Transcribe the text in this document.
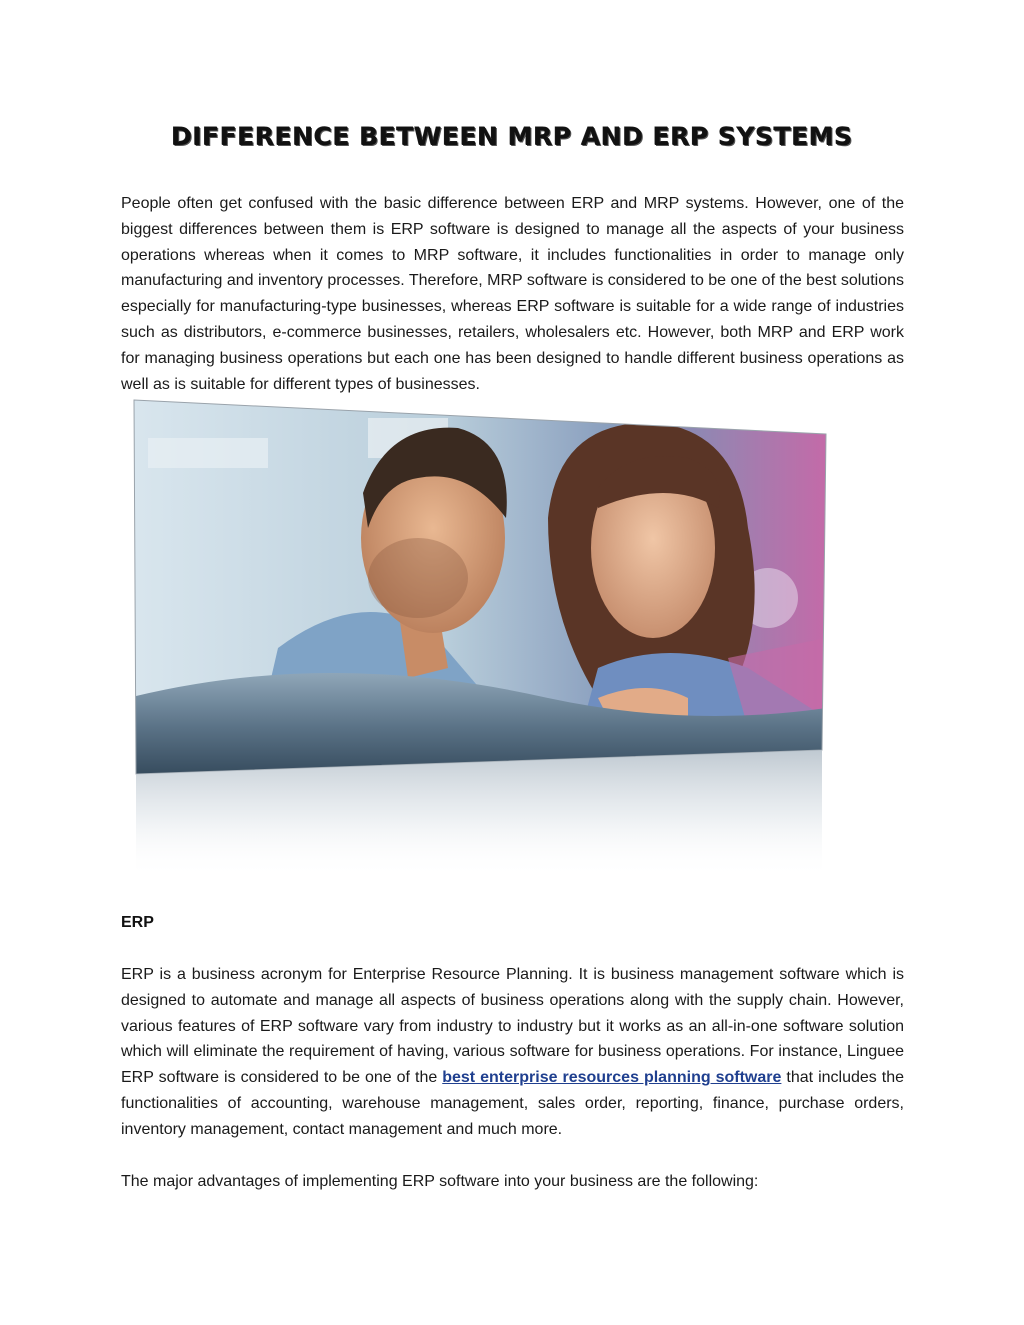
DIFFERENCE BETWEEN MRP AND ERP SYSTEMS

People often get confused with the basic difference between ERP and MRP systems. However, one of the biggest differences between them is ERP software is designed to manage all the aspects of your business operations whereas when it comes to MRP software, it includes functionalities in order to manage only manufacturing and inventory processes. Therefore, MRP software is considered to be one of the best solutions especially for manufacturing-type businesses, whereas ERP software is suitable for a wide range of industries such as distributors, e-commerce businesses, retailers, wholesalers etc. However, both MRP and ERP work for managing business operations but each one has been designed to handle different business operations as well as is suitable for different types of businesses.

ERP

ERP is a business acronym for Enterprise Resource Planning. It is business management software which is designed to automate and manage all aspects of business operations along with the supply chain. However, various features of ERP software vary from industry to industry but it works as an all-in-one software solution which will eliminate the requirement of having, various software for business operations. For instance, Linguee ERP software is considered to be one of the best enterprise resources planning software that includes the functionalities of accounting, warehouse management, sales order, reporting, finance, purchase orders, inventory management, contact management and much more.

The major advantages of implementing ERP software into your business are the following:
